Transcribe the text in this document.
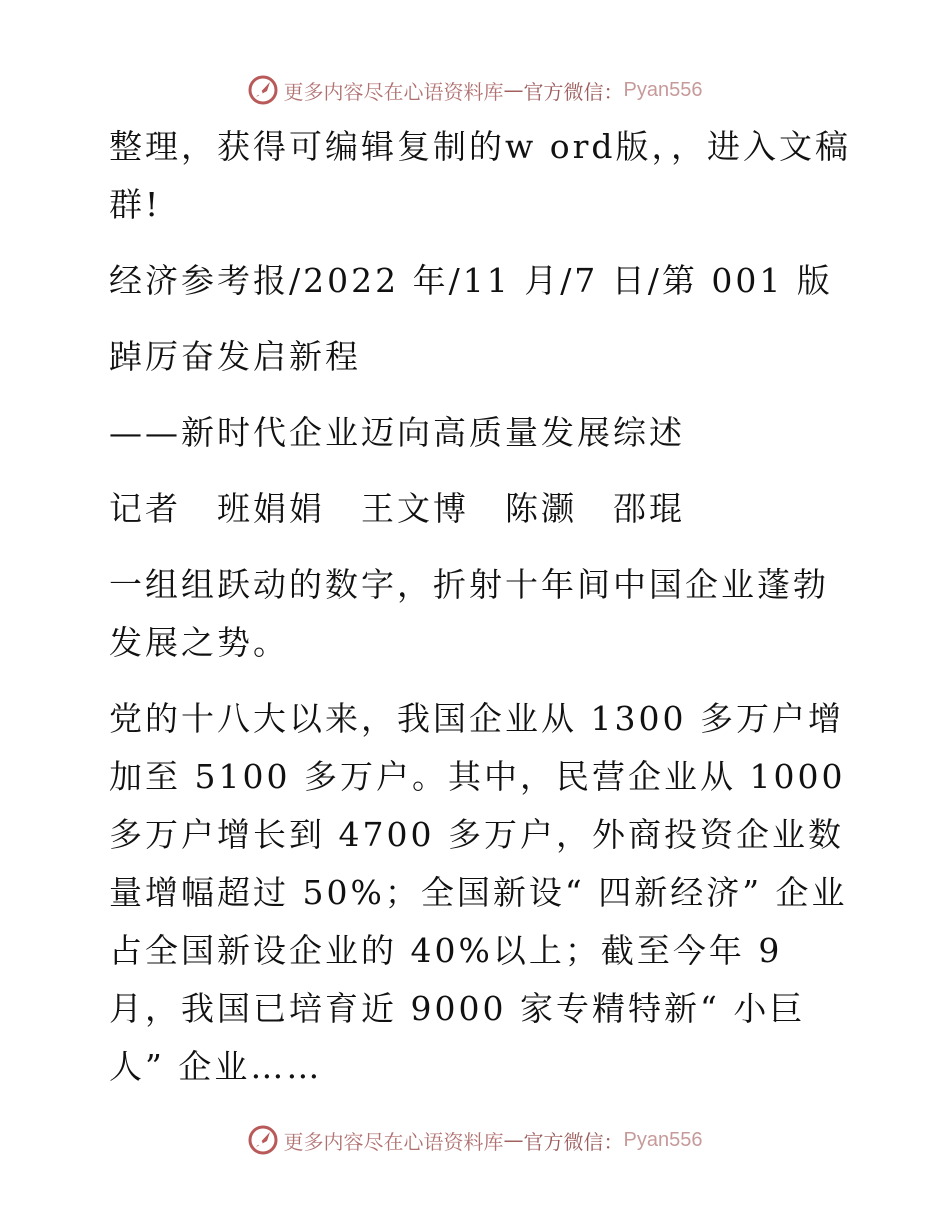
更多内容尽在心语资料库 — 官方微信： Pyan556

整理，获得可编辑复制的w ord版，，进入文稿群!

经济参考报/2022 年/11 月/7 日/第 001 版

踔厉奋发启新程

——新时代企业迈向高质量发展综述

记者　班娟娟　王文博　陈灏　邵琨

一组组跃动的数字，折射十年间中国企业蓬勃发展之势。

党的十八大以来，我国企业从 1300 多万户增加至 5100 多万户。其中，民营企业从 1000 多万户增长到 4700 多万户，外商投资企业数量增幅超过 50%；全国新设“ 四新经济” 企业占全国新设企业的 40%以上；截至今年 9 月，我国已培育近 9000 家专精特新“ 小巨人” 企业……

更多内容尽在心语资料库 — 官方微信： Pyan556
